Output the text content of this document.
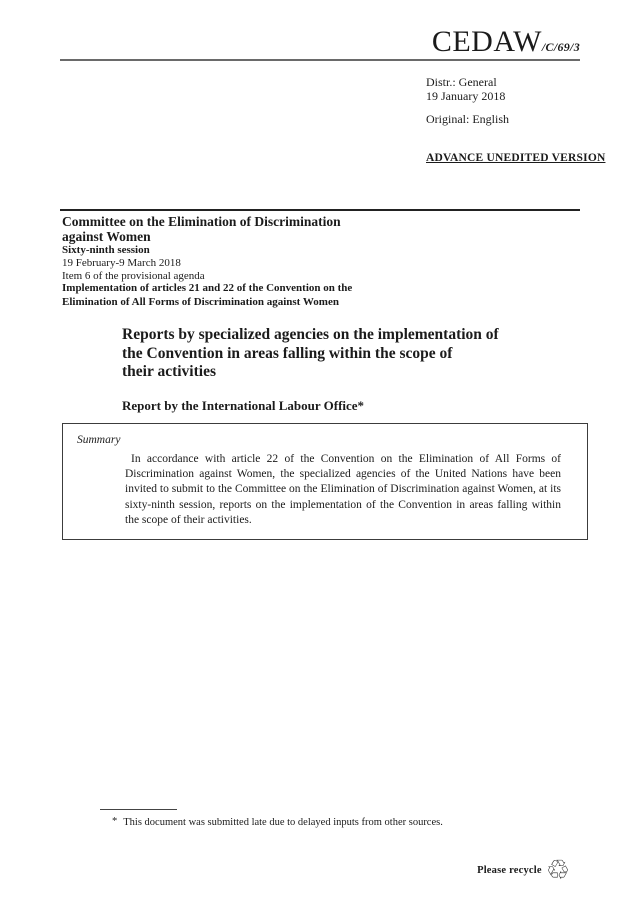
CEDAW/C/69/3
Distr.: General
19 January 2018
Original: English
ADVANCE UNEDITED VERSION
Committee on the Elimination of Discrimination
against Women
Sixty-ninth session
19 February-9 March 2018
Item 6 of the provisional agenda
Implementation of articles 21 and 22 of the Convention on the
Elimination of All Forms of Discrimination against Women
Reports by specialized agencies on the implementation of
the Convention in areas falling within the scope of
their activities
Report by the International Labour Office*
Summary
In accordance with article 22 of the Convention on the Elimination of All Forms of Discrimination against Women, the specialized agencies of the United Nations have been invited to submit to the Committee on the Elimination of Discrimination against Women, at its sixty-ninth session, reports on the implementation of the Convention in areas falling within the scope of their activities.
* This document was submitted late due to delayed inputs from other sources.
Please recycle ♲
